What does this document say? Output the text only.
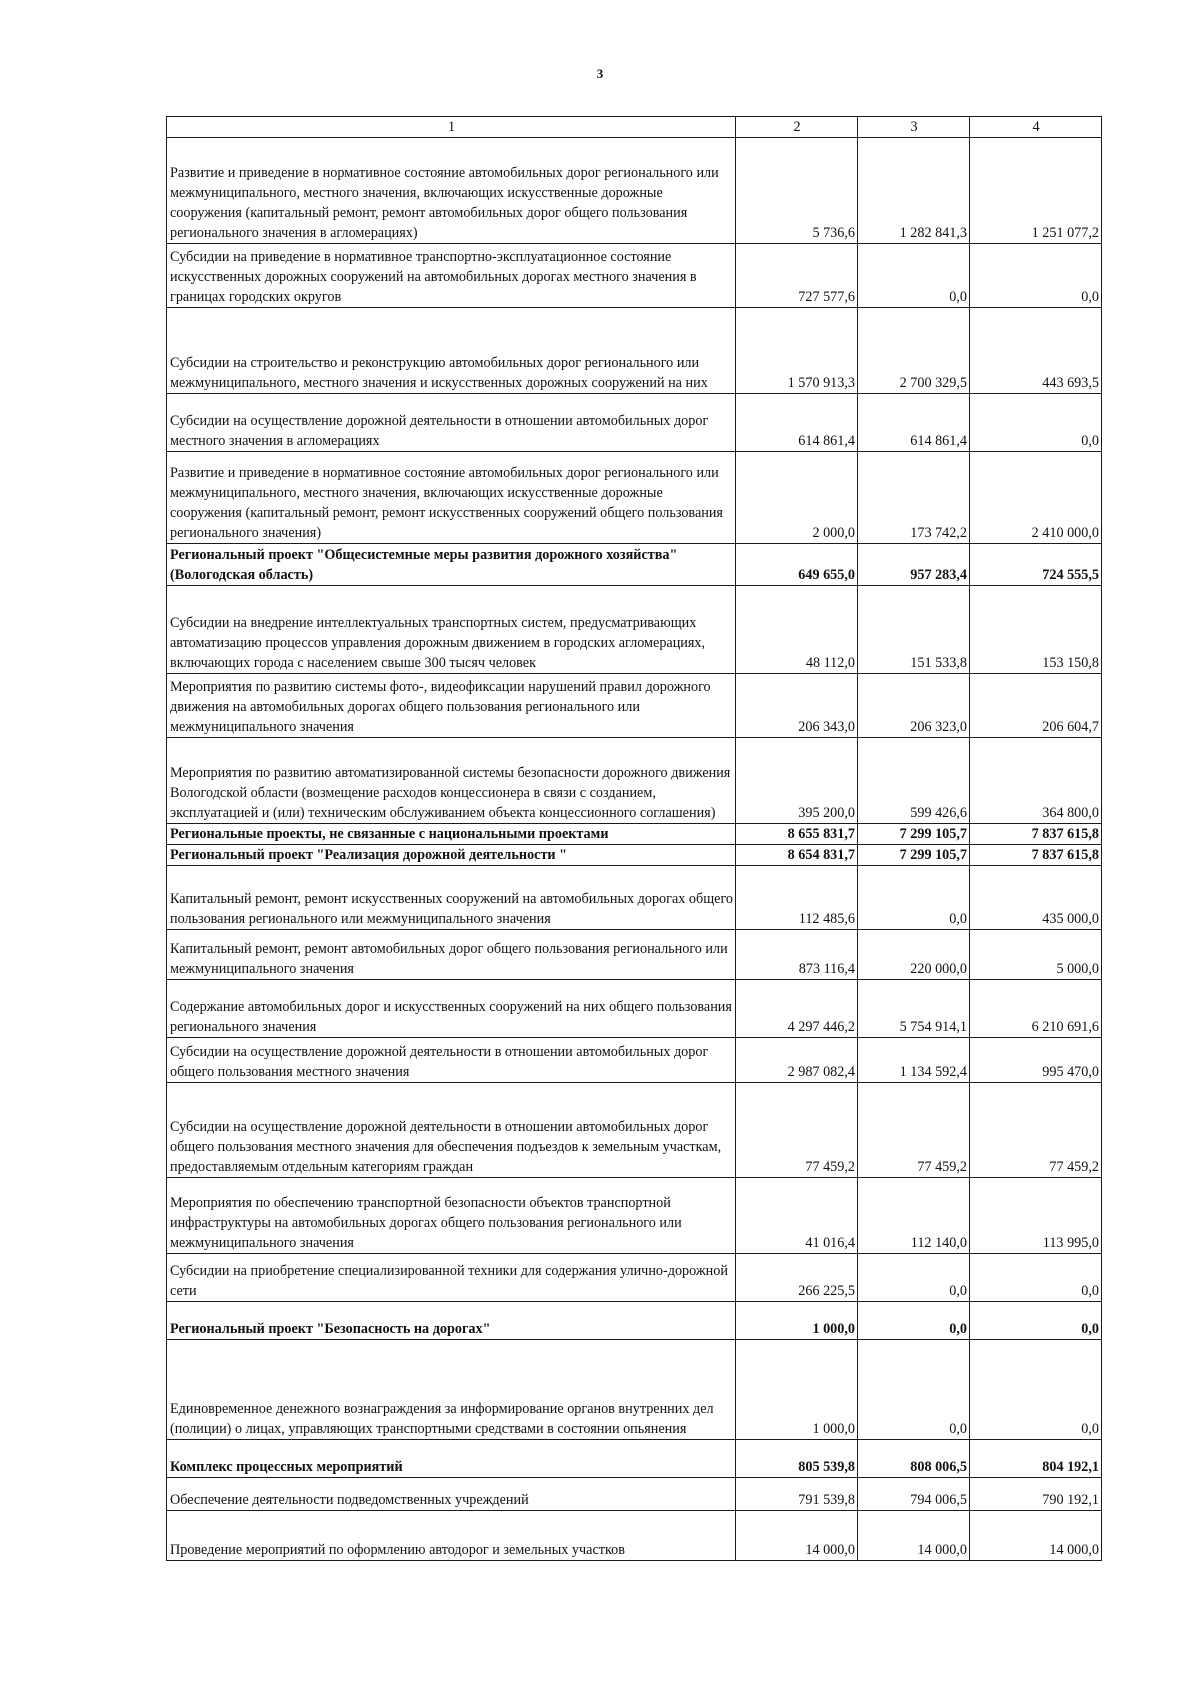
3
1	2	3	4
Развитие и приведение в нормативное состояние автомобильных дорог регионального или межмуниципального, местного значения, включающих искусственные дорожные сооружения (капитальный ремонт, ремонт автомобильных дорог общего пользования регионального значения в агломерациях)	5 736,6	1 282 841,3	1 251 077,2
Субсидии на приведение в нормативное транспортно-эксплуатационное состояние искусственных дорожных сооружений на автомобильных дорогах местного значения в границах городских округов	727 577,6	0,0	0,0
Субсидии на строительство и реконструкцию автомобильных дорог регионального или межмуниципального, местного значения и искусственных дорожных сооружений на них	1 570 913,3	2 700 329,5	443 693,5
Субсидии на осуществление дорожной деятельности в отношении автомобильных дорог местного значения в агломерациях	614 861,4	614 861,4	0,0
Развитие и приведение в нормативное состояние автомобильных дорог регионального или межмуниципального, местного значения, включающих искусственные дорожные сооружения (капитальный ремонт, ремонт искусственных сооружений общего пользования регионального значения)	2 000,0	173 742,2	2 410 000,0
Региональный проект "Общесистемные меры развития дорожного хозяйства" (Вологодская область)	649 655,0	957 283,4	724 555,5
Субсидии на внедрение интеллектуальных транспортных систем, предусматривающих автоматизацию процессов управления дорожным движением в городских агломерациях, включающих города с населением свыше 300 тысяч человек	48 112,0	151 533,8	153 150,8
Мероприятия по развитию системы фото-, видеофиксации нарушений правил дорожного движения на автомобильных дорогах общего пользования регионального или межмуниципального значения	206 343,0	206 323,0	206 604,7
Мероприятия по развитию автоматизированной системы безопасности дорожного движения Вологодской области (возмещение расходов концессионера в связи с созданием, эксплуатацией и (или) техническим обслуживанием объекта концессионного соглашения)	395 200,0	599 426,6	364 800,0
Региональные проекты, не связанные с национальными проектами	8 655 831,7	7 299 105,7	7 837 615,8
Региональный проект "Реализация дорожной деятельности "	8 654 831,7	7 299 105,7	7 837 615,8
Капитальный ремонт, ремонт искусственных сооружений на автомобильных дорогах общего пользования регионального или межмуниципального значения	112 485,6	0,0	435 000,0
Капитальный ремонт, ремонт автомобильных дорог общего пользования регионального или межмуниципального значения	873 116,4	220 000,0	5 000,0
Содержание автомобильных дорог и искусственных сооружений на них общего пользования регионального значения	4 297 446,2	5 754 914,1	6 210 691,6
Субсидии на осуществление дорожной деятельности в отношении автомобильных дорог общего пользования местного значения	2 987 082,4	1 134 592,4	995 470,0
Субсидии на осуществление дорожной деятельности в отношении автомобильных дорог общего пользования местного значения для обеспечения подъездов к земельным участкам, предоставляемым отдельным категориям граждан	77 459,2	77 459,2	77 459,2
Мероприятия по обеспечению транспортной безопасности объектов транспортной инфраструктуры на автомобильных дорогах общего пользования регионального или межмуниципального значения	41 016,4	112 140,0	113 995,0
Субсидии на приобретение специализированной техники для содержания улично-дорожной сети	266 225,5	0,0	0,0
Региональный проект "Безопасность на дорогах"	1 000,0	0,0	0,0
Единовременное денежного вознаграждения за информирование органов внутренних дел (полиции) о лицах, управляющих транспортными средствами в состоянии опьянения	1 000,0	0,0	0,0
Комплекс процессных мероприятий	805 539,8	808 006,5	804 192,1
Обеспечение деятельности подведомственных учреждений	791 539,8	794 006,5	790 192,1
Проведение мероприятий по оформлению автодорог и земельных участков	14 000,0	14 000,0	14 000,0
